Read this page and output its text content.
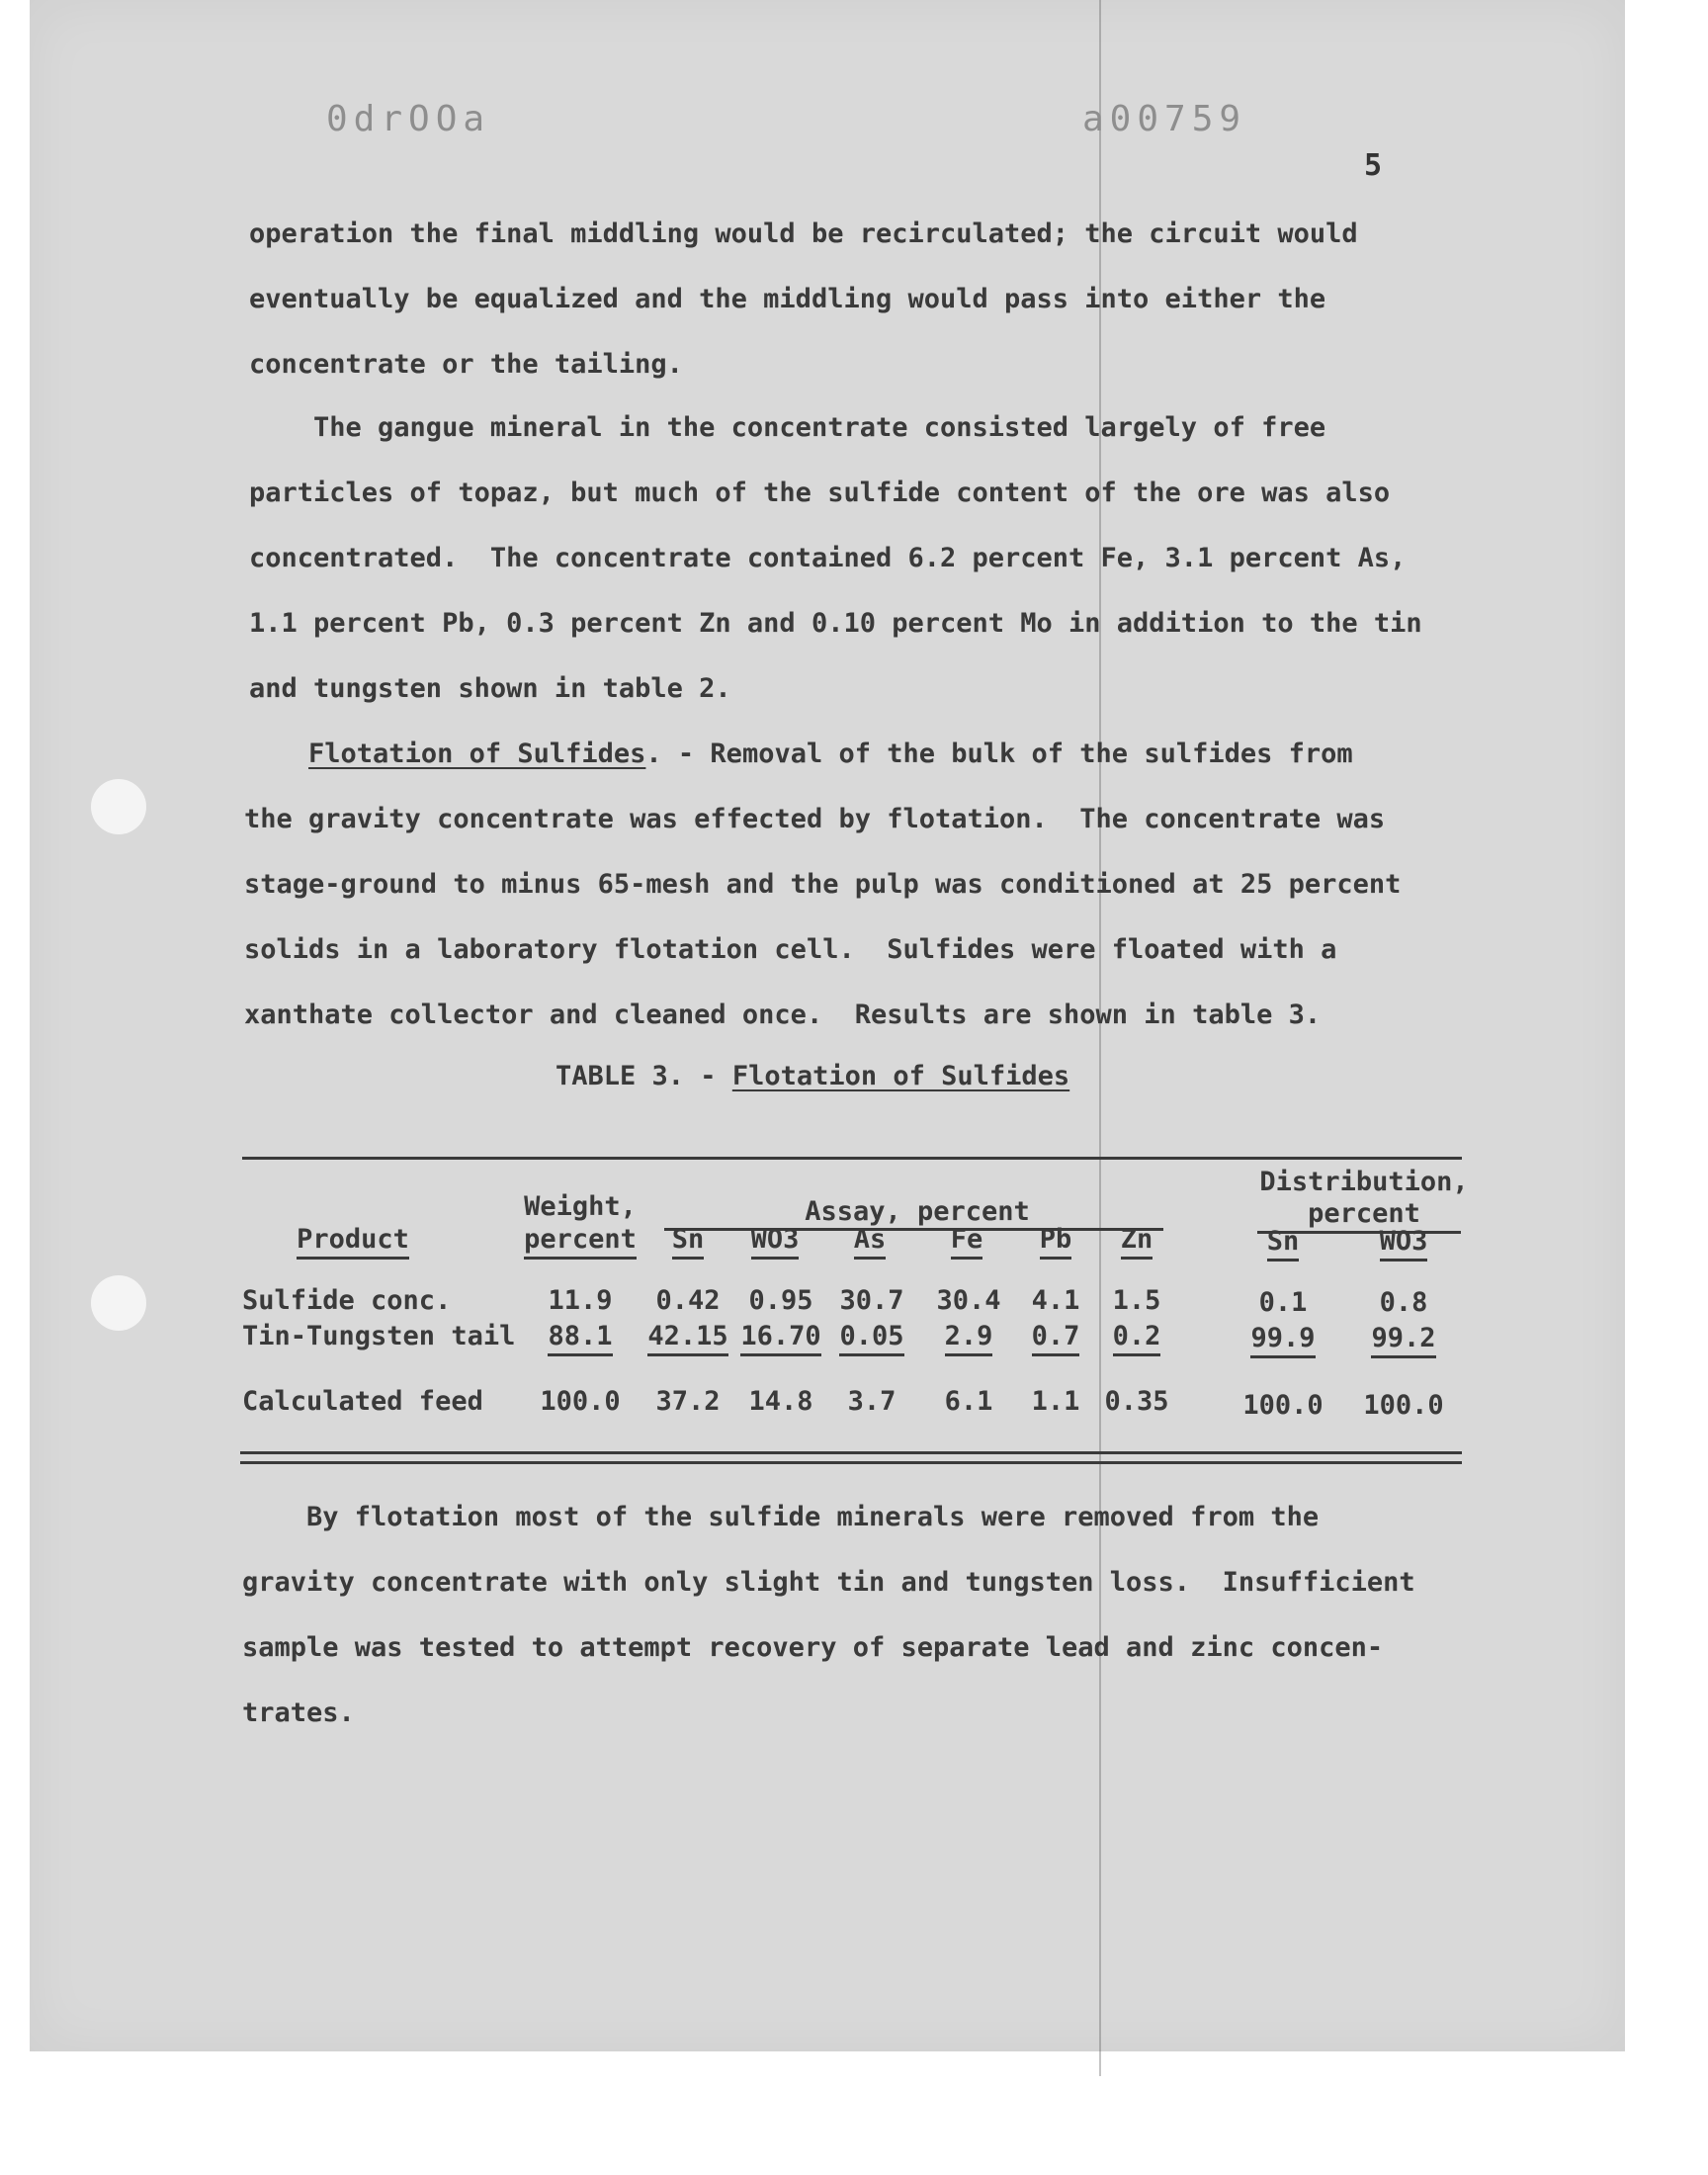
0drOOa	a00759
5
operation the final middling would be recirculated; the circuit would
eventually be equalized and the middling would pass into either the
concentrate or the tailing.
The gangue mineral in the concentrate consisted largely of free
particles of topaz, but much of the sulfide content of the ore was also
concentrated.  The concentrate contained 6.2 percent Fe, 3.1 percent As,
1.1 percent Pb, 0.3 percent Zn and 0.10 percent Mo in addition to the tin
and tungsten shown in table 2.
Flotation of Sulfides. - Removal of the bulk of the sulfides from
the gravity concentrate was effected by flotation.  The concentrate was
stage-ground to minus 65-mesh and the pulp was conditioned at 25 percent
solids in a laboratory flotation cell.  Sulfides were floated with a
xanthate collector and cleaned once.  Results are shown in table 3.
TABLE 3. - Flotation of Sulfides
Distribution,
percent
Weight,	Assay, percent
Product	percent	Sn	WO3	As	Fe	Pb	Zn	Sn	WO3
Sulfide conc.	11.9	0.42	0.95 30.7	30.4	4.1	1.5	0.1	0.8
Tin-Tungsten tail	88.1	42.15 16.70 0.05	2.9	0.7	0.2	99.9	99.2
Calculated feed	100.0	37.2	14.8	3.7	6.1	1.1 0.35	100.0	100.0
By flotation most of the sulfide minerals were removed from the
gravity concentrate with only slight tin and tungsten loss.  Insufficient
sample was tested to attempt recovery of separate lead and zinc concen-
trates.
